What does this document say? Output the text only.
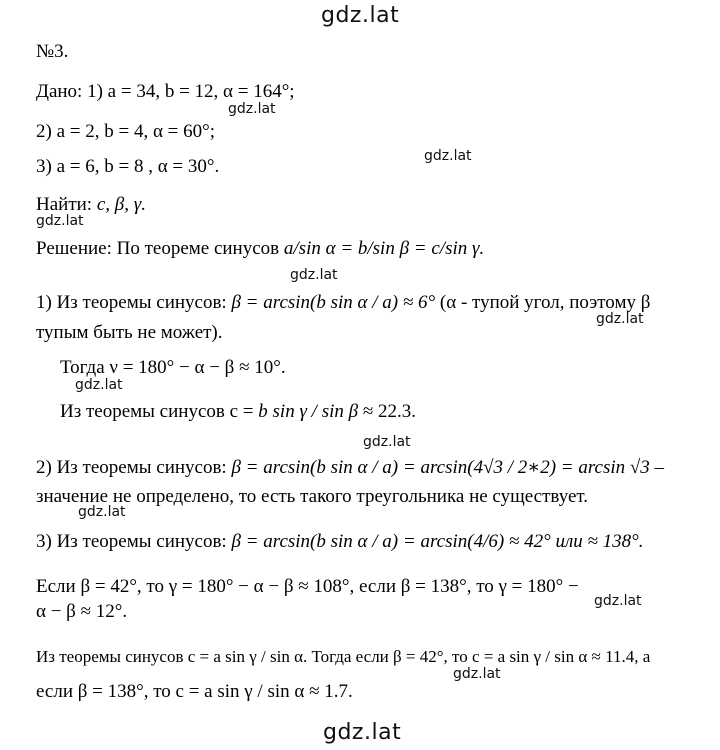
gdz.lat
gdz.lat
gdz.lat
gdz.lat
gdz.lat
gdz.lat
gdz.lat
gdz.lat
gdz.lat
gdz.lat
gdz.lat
gdz.lat
№3.
Дано: 1) a = 34, b = 12, α = 164°;
2) a = 2, b = 4, α = 60°;
3) a = 6, b = 8 , α = 30°.
Найти: c, β, γ.
Решение: По теореме синусов a/sin α = b/sin β = c/sin γ.
1) Из теоремы синусов: β = arcsin(b sin α / a) ≈ 6° (α - тупой угол, поэтому β
тупым быть не может).
Тогда ν = 180° − α − β ≈ 10°.
Из теоремы синусов c = b sin γ / sin β ≈ 22.3.
2) Из теоремы синусов: β = arcsin(b sin α / a) = arcsin(4√3 / 2∗2) = arcsin √3 –
значение не определено, то есть такого треугольника не существует.
3) Из теоремы синусов: β = arcsin(b sin α / a) = arcsin(4/6) ≈ 42° или ≈ 138°.
Если β = 42°, то γ = 180° − α − β ≈ 108°, если β = 138°, то γ = 180° −
α − β ≈ 12°.
Из теоремы синусов c = a sin γ / sin α. Тогда если β = 42°, то c = a sin γ / sin α ≈ 11.4, а
если β = 138°, то c = a sin γ / sin α ≈ 1.7.
